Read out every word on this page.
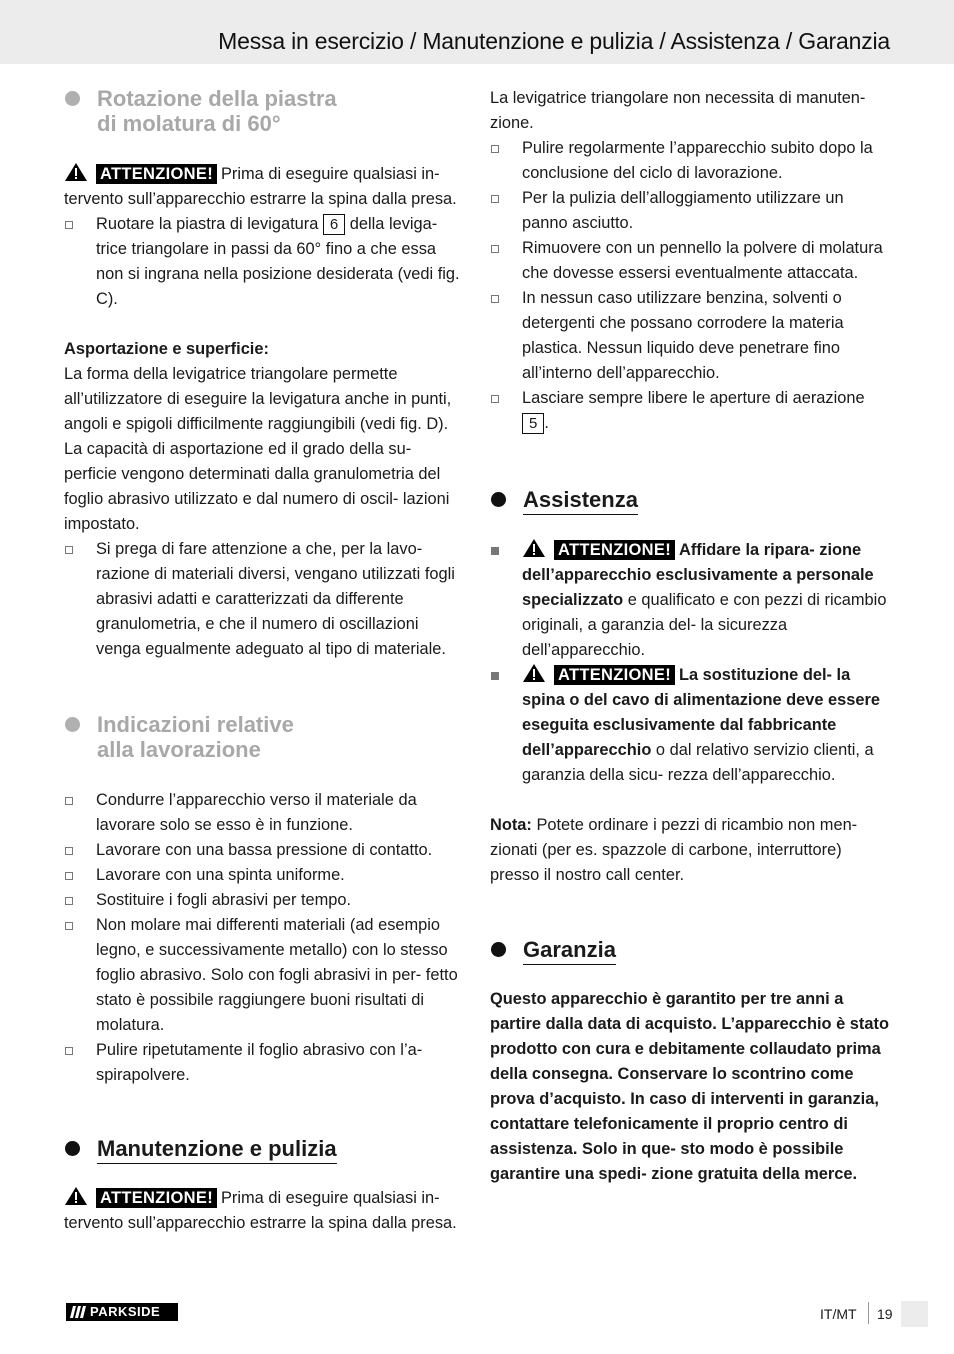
Messa in esercizio / Manutenzione e pulizia / Assistenza / Garanzia
Rotazione della piastra
di molatura di 60°

ATTENZIONE! Prima di eseguire qualsiasi in- tervento sull’apparecchio estrarre la spina dalla presa.

Ruotare la piastra di levigatura 6 della leviga- trice triangolare in passi da 60° fino a che essa non si ingrana nella posizione desiderata (vedi fig. C).

Asportazione e superficie:

La forma della levigatrice triangolare permette all’utilizzatore di eseguire la levigatura anche in punti, angoli e spigoli difficilmente raggiungibili (vedi fig. D).

La capacità di asportazione ed il grado della su- perficie vengono determinati dalla granulometria del foglio abrasivo utilizzato e dal numero di oscil- lazioni impostato.

Si prega di fare attenzione a che, per la lavo- razione di materiali diversi, vengano utilizzati fogli abrasivi adatti e caratterizzati da differente granulometria, e che il numero di oscillazioni venga egualmente adeguato al tipo di materiale.
Indicazioni relative
alla lavorazione
Condurre l’apparecchio verso il materiale da lavorare solo se esso è in funzione.
Lavorare con una bassa pressione di contatto.
Lavorare con una spinta uniforme.
Sostituire i fogli abrasivi per tempo.
Non molare mai differenti materiali (ad esempio legno, e successivamente metallo) con lo stesso foglio abrasivo. Solo con fogli abrasivi in per- fetto stato è possibile raggiungere buoni risultati di molatura.
Pulire ripetutamente il foglio abrasivo con l’a- spirapolvere.
Manutenzione e pulizia

ATTENZIONE! Prima di eseguire qualsiasi in- tervento sull’apparecchio estrarre la spina dalla presa.

La levigatrice triangolare non necessita di manuten- zione.

Pulire regolarmente l’apparecchio subito dopo la conclusione del ciclo di lavorazione.
Per la pulizia dell’alloggiamento utilizzare un panno asciutto.
Rimuovere con un pennello la polvere di molatura che dovesse essersi eventualmente attaccata.
In nessun caso utilizzare benzina, solventi o detergenti che possano corrodere la materia plastica. Nessun liquido deve penetrare fino all’interno dell’apparecchio.
Lasciare sempre libere le aperture di aerazione 5 .
Assistenza
ATTENZIONE! Affidare la ripara- zione dell’apparecchio esclusivamente a personale specializzato e qualificato e con pezzi di ricambio originali, a garanzia del- la sicurezza dell’apparecchio.
ATTENZIONE! La sostituzione del- la spina o del cavo di alimentazione deve essere eseguita esclusivamente dal fabbricante dell’apparecchio o dal relativo servizio clienti, a garanzia della sicu- rezza dell’apparecchio.

Nota: Potete ordinare i pezzi di ricambio non men- zionati (per es. spazzole di carbone, interruttore) presso il nostro call center.

Garanzia

Questo apparecchio è garantito per tre anni a partire dalla data di acquisto. L’apparecchio è stato prodotto con cura e debitamente collaudato prima della consegna. Conservare lo scontrino come prova d’acquisto. In caso di interventi in garanzia, contattare telefonicamente il proprio centro di assistenza. Solo in que- sto modo è possibile garantire una spedi- zione gratuita della merce.

PARKSIDE	IT/MT 19
